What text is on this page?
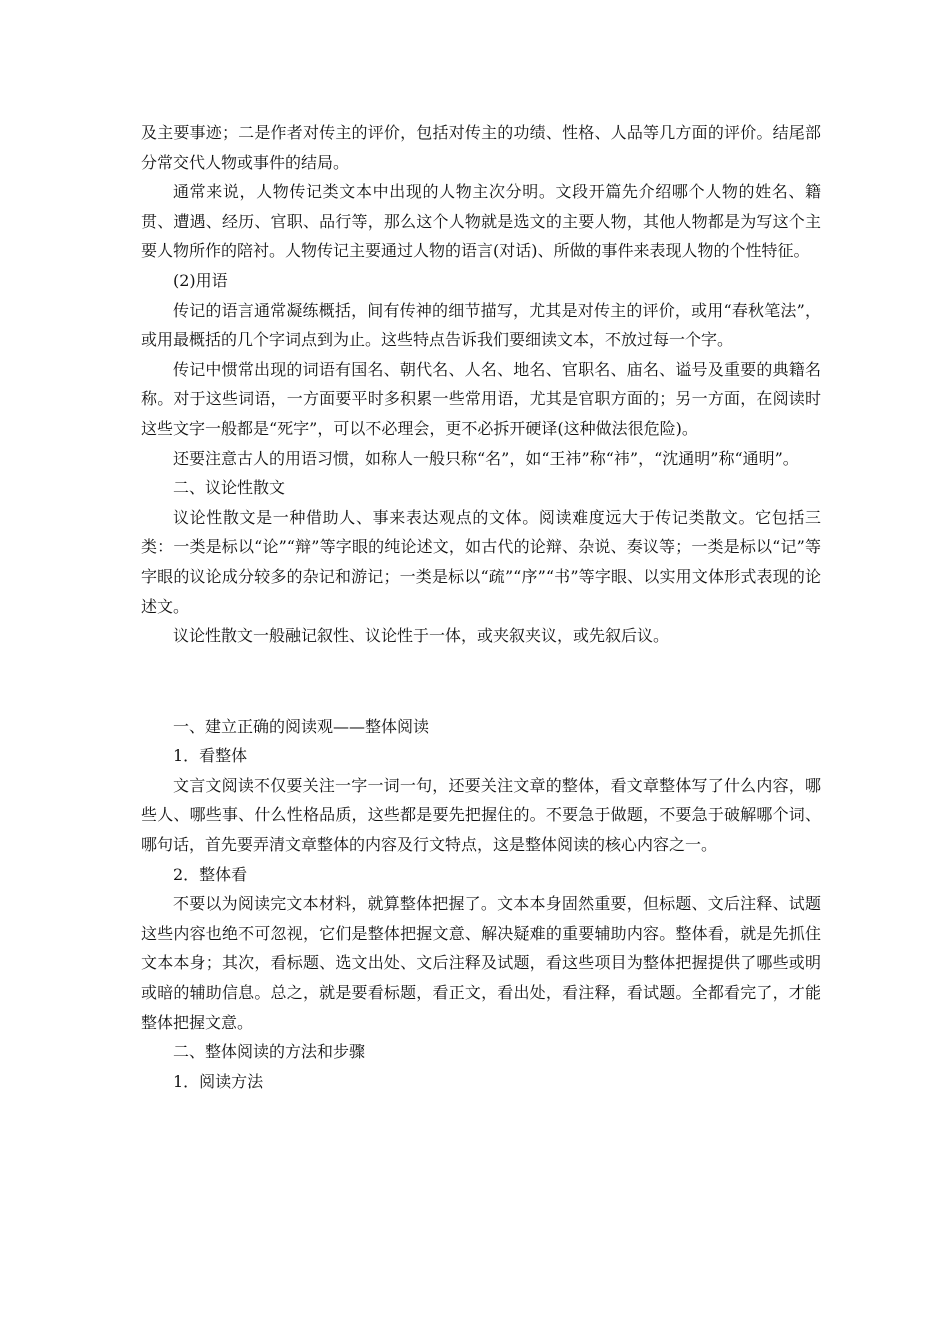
及主要事迹；二是作者对传主的评价，包括对传主的功绩、性格、人品等几方面的评价。结尾部分常交代人物或事件的结局。

通常来说，人物传记类文本中出现的人物主次分明。文段开篇先介绍哪个人物的姓名、籍贯、遭遇、经历、官职、品行等，那么这个人物就是选文的主要人物，其他人物都是为写这个主要人物所作的陪衬。人物传记主要通过人物的语言(对话)、所做的事件来表现人物的个性特征。

(2)用语

传记的语言通常凝练概括，间有传神的细节描写，尤其是对传主的评价，或用“春秋笔法”，或用最概括的几个字词点到为止。这些特点告诉我们要细读文本，不放过每一个字。

传记中惯常出现的词语有国名、朝代名、人名、地名、官职名、庙名、谥号及重要的典籍名称。对于这些词语，一方面要平时多积累一些常用语，尤其是官职方面的；另一方面，在阅读时这些文字一般都是“死字”，可以不必理会，更不必拆开硬译(这种做法很危险)。

还要注意古人的用语习惯，如称人一般只称“名”，如“王祎”称“祎”，“沈通明”称“通明”。

二、议论性散文

议论性散文是一种借助人、事来表达观点的文体。阅读难度远大于传记类散文。它包括三类：一类是标以“论”“辩”等字眼的纯论述文，如古代的论辩、杂说、奏议等；一类是标以“记”等字眼的议论成分较多的杂记和游记；一类是标以“疏”“序”“书”等字眼、以实用文体形式表现的论述文。

议论性散文一般融记叙性、议论性于一体，或夹叙夹议，或先叙后议。

一、建立正确的阅读观——整体阅读

1．看整体

文言文阅读不仅要关注一字一词一句，还要关注文章的整体，看文章整体写了什么内容，哪些人、哪些事、什么性格品质，这些都是要先把握住的。不要急于做题，不要急于破解哪个词、哪句话，首先要弄清文章整体的内容及行文特点，这是整体阅读的核心内容之一。

2．整体看

不要以为阅读完文本材料，就算整体把握了。文本本身固然重要，但标题、文后注释、试题这些内容也绝不可忽视，它们是整体把握文意、解决疑难的重要辅助内容。整体看，就是先抓住文本本身；其次，看标题、选文出处、文后注释及试题，看这些项目为整体把握提供了哪些或明或暗的辅助信息。总之，就是要看标题，看正文，看出处，看注释，看试题。全都看完了，才能整体把握文意。

二、整体阅读的方法和步骤

1．阅读方法
